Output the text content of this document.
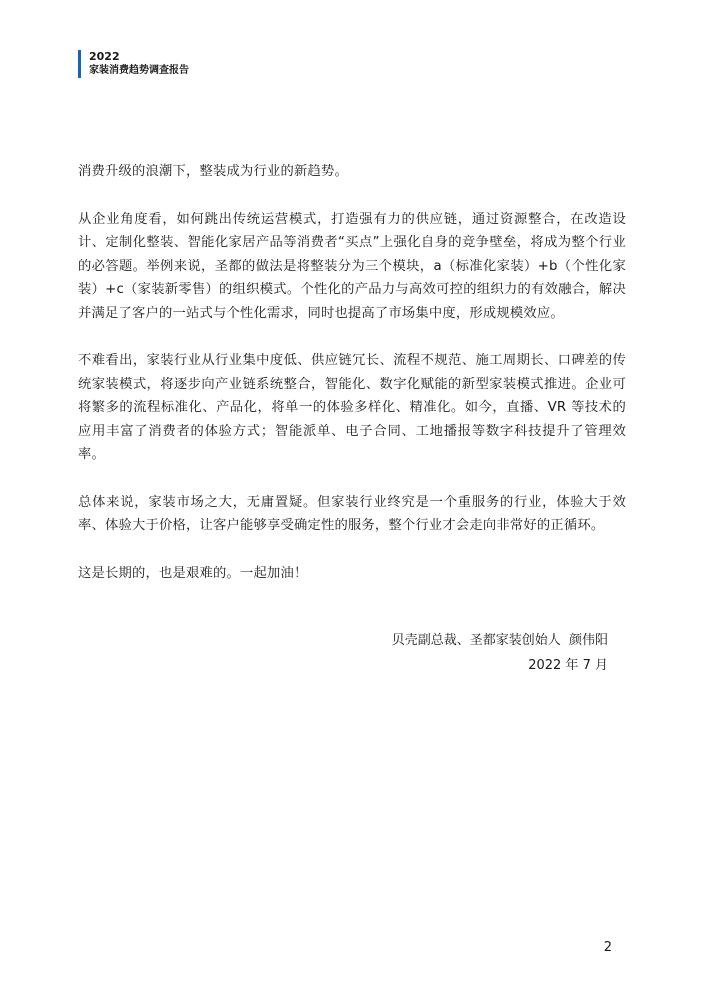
2022
家装消费趋势调查报告

消费升级的浪潮下，整装成为行业的新趋势。

从企业角度看，如何跳出传统运营模式，打造强有力的供应链，通过资源整合，在改造设计、定制化整装、智能化家居产品等消费者“买点”上强化自身的竞争壁垒，将成为整个行业的必答题。举例来说，圣都的做法是将整装分为三个模块，a（标准化家装）+b（个性化家装）+c（家装新零售）的组织模式。个性化的产品力与高效可控的组织力的有效融合，解决并满足了客户的一站式与个性化需求，同时也提高了市场集中度，形成规模效应。

不难看出，家装行业从行业集中度低、供应链冗长、流程不规范、施工周期长、口碑差的传统家装模式，将逐步向产业链系统整合，智能化、数字化赋能的新型家装模式推进。企业可将繁多的流程标准化、产品化，将单一的体验多样化、精准化。如今，直播、VR 等技术的应用丰富了消费者的体验方式；智能派单、电子合同、工地播报等数字科技提升了管理效率。

总体来说，家装市场之大，无庸置疑。但家装行业终究是一个重服务的行业，体验大于效率、体验大于价格，让客户能够享受确定性的服务，整个行业才会走向非常好的正循环。

这是长期的，也是艰难的。一起加油！

贝壳副总裁、圣都家装创始人  颜伟阳
2022 年 7 月
2
